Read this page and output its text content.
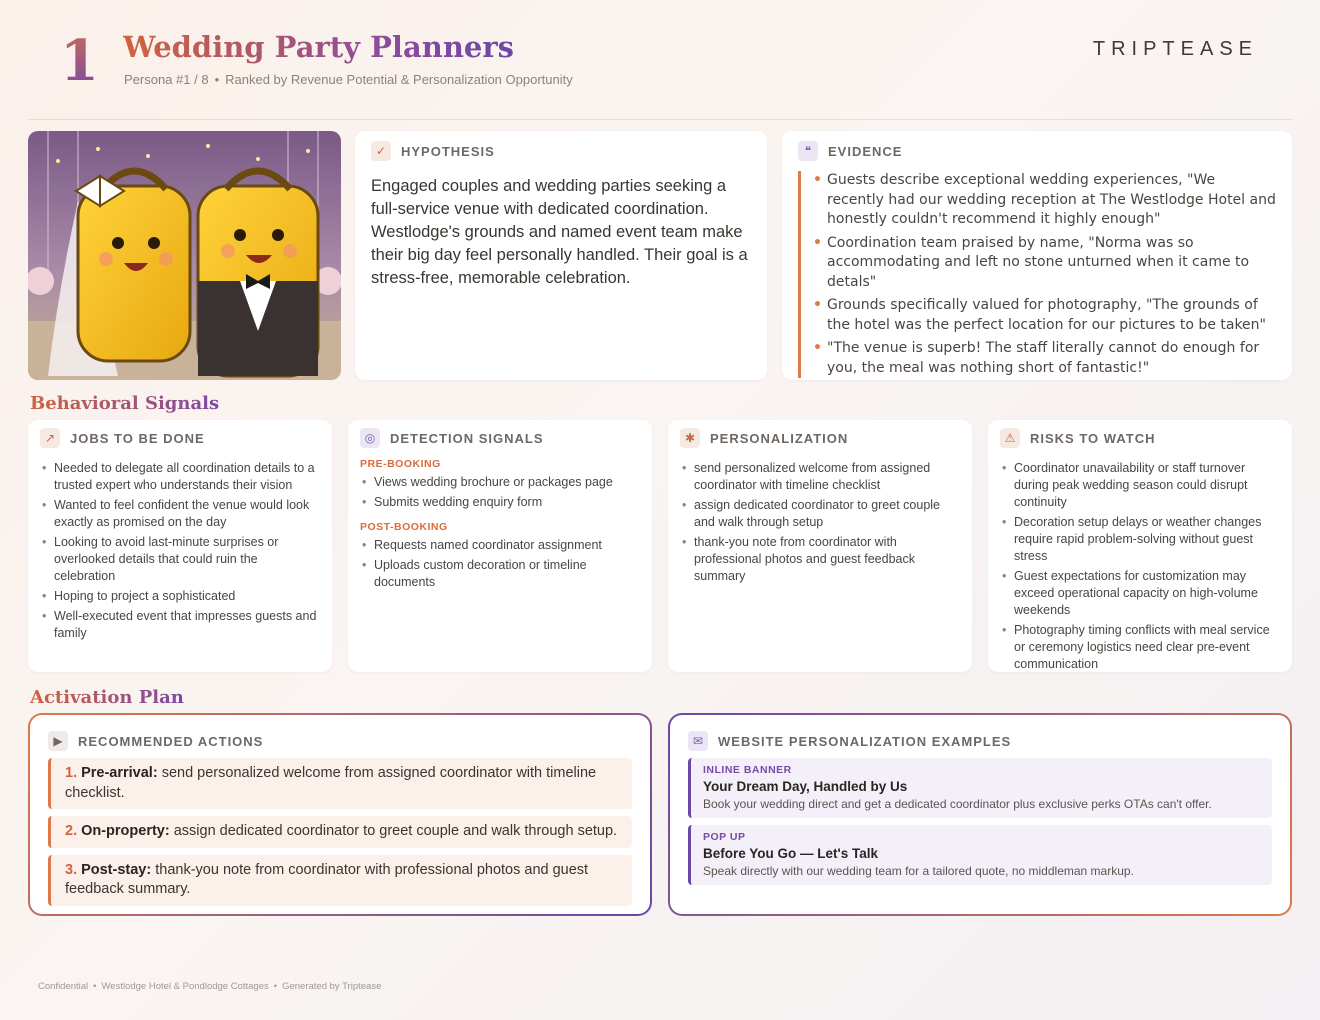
1 Wedding Party Planners
Persona #1 / 8 • Ranked by Revenue Potential & Personalization Opportunity
TRIPTEASE
✓	HYPOTHESIS
Engaged couples and wedding parties seeking a full-service venue with dedicated coordination. Westlodge's grounds and named event team make their big day feel personally handled. Their goal is a stress-free, memorable celebration.
❝	EVIDENCE
• Guests describe exceptional wedding experiences, "We recently had our wedding reception at The Westlodge Hotel and honestly couldn't recommend it highly enough"
• Coordination team praised by name, "Norma was so accommodating and left no stone unturned when it came to detals"
• Grounds specifically valued for photography, "The grounds of the hotel was the perfect location for our pictures to be taken"
• "The venue is superb! The staff literally cannot do enough for you, the meal was nothing short of fantastic!"
Behavioral Signals
↗	JOBS TO BE DONE
• Needed to delegate all coordination details to a trusted expert who understands their vision
• Wanted to feel confident the venue would look exactly as promised on the day
• Looking to avoid last-minute surprises or overlooked details that could ruin the celebration
• Hoping to project a sophisticated
• Well-executed event that impresses guests and family
◎	DETECTION SIGNALS
PRE-BOOKING
• Views wedding brochure or packages page
• Submits wedding enquiry form
POST-BOOKING
• Requests named coordinator assignment
• Uploads custom decoration or timeline documents
✱	PERSONALIZATION
• send personalized welcome from assigned coordinator with timeline checklist
• assign dedicated coordinator to greet couple and walk through setup
• thank-you note from coordinator with professional photos and guest feedback summary
⚠	RISKS TO WATCH
• Coordinator unavailability or staff turnover during peak wedding season could disrupt continuity
• Decoration setup delays or weather changes require rapid problem-solving without guest stress
• Guest expectations for customization may exceed operational capacity on high-volume weekends
• Photography timing conflicts with meal service or ceremony logistics need clear pre-event communication
Activation Plan
▶	RECOMMENDED ACTIONS
1. Pre-arrival: send personalized welcome from assigned coordinator with timeline checklist.
2. On-property: assign dedicated coordinator to greet couple and walk through setup.
3. Post-stay: thank-you note from coordinator with professional photos and guest feedback summary.
✉	WEBSITE PERSONALIZATION EXAMPLES
INLINE BANNER
Your Dream Day, Handled by Us
Book your wedding direct and get a dedicated coordinator plus exclusive perks OTAs can't offer.
POP UP
Before You Go — Let's Talk
Speak directly with our wedding team for a tailored quote, no middleman markup.
Confidential • Westlodge Hotel & Pondlodge Cottages • Generated by Triptease
